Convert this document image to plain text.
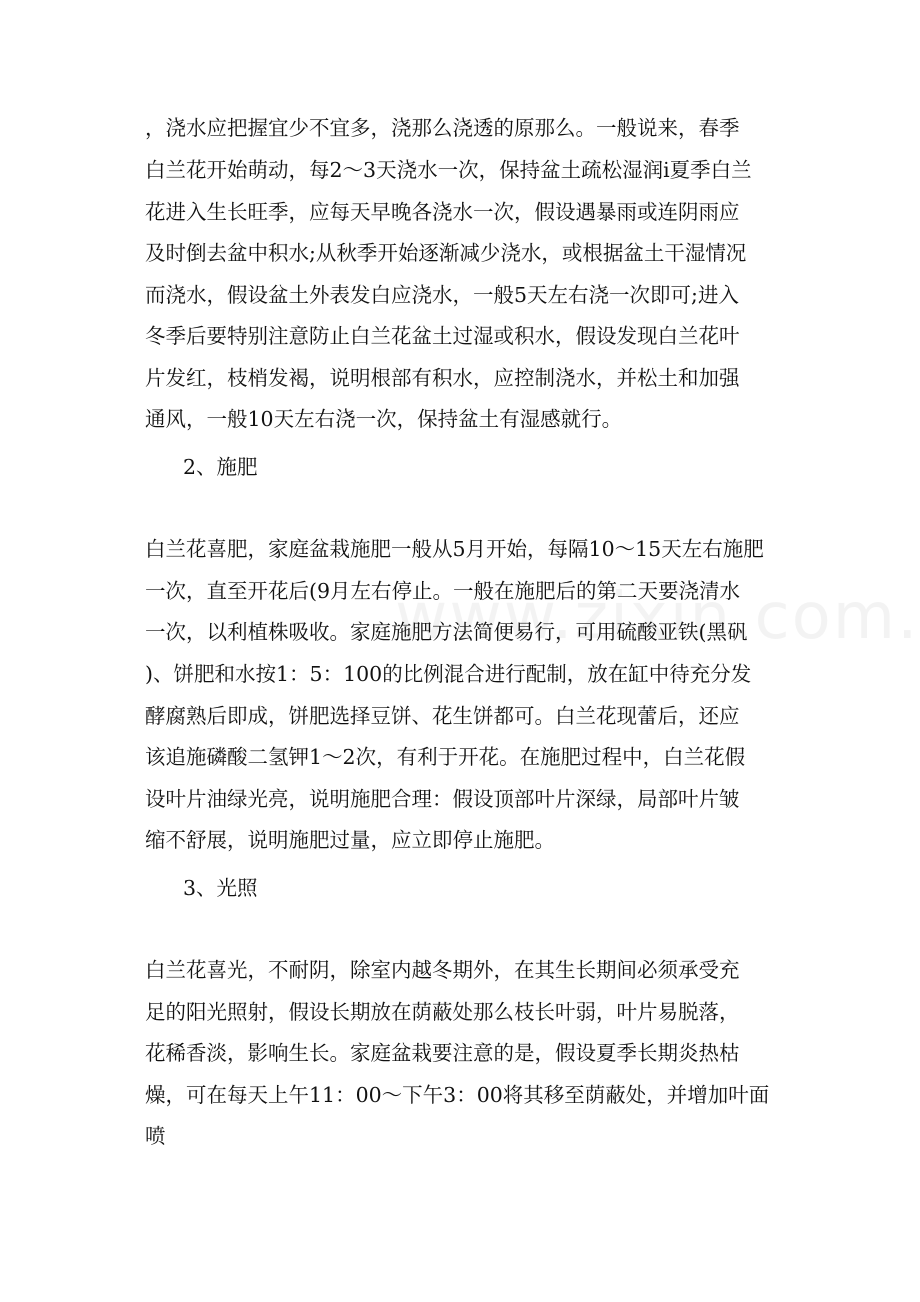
，浇水应把握宜少不宜多，浇那么浇透的原那么。一般说来，春季
白兰花开始萌动，每2～3天浇水一次，保持盆土疏松湿润i夏季白兰
花进入生长旺季，应每天早晚各浇水一次，假设遇暴雨或连阴雨应
及时倒去盆中积水;从秋季开始逐渐减少浇水，或根据盆土干湿情况
而浇水，假设盆土外表发白应浇水，一般5天左右浇一次即可;进入
冬季后要特别注意防止白兰花盆土过湿或积水，假设发现白兰花叶
片发红，枝梢发褐，说明根部有积水，应控制浇水，并松土和加强
通风，一般10天左右浇一次，保持盆土有湿感就行。
2、施肥
白兰花喜肥，家庭盆栽施肥一般从5月开始，每隔10～15天左右施肥
一次，直至开花后(9月左右停止。一般在施肥后的第二天要浇清水
一次，以利植株吸收。家庭施肥方法简便易行，可用硫酸亚铁(黑矾
)、饼肥和水按1：5：100的比例混合进行配制，放在缸中待充分发
酵腐熟后即成，饼肥选择豆饼、花生饼都可。白兰花现蕾后，还应
该追施磷酸二氢钾1～2次，有利于开花。在施肥过程中，白兰花假
设叶片油绿光亮，说明施肥合理：假设顶部叶片深绿，局部叶片皱
缩不舒展，说明施肥过量，应立即停止施肥。
3、光照
白兰花喜光，不耐阴，除室内越冬期外，在其生长期间必须承受充
足的阳光照射，假设长期放在荫蔽处那么枝长叶弱，叶片易脱落，
花稀香淡，影响生长。家庭盆栽要注意的是，假设夏季长期炎热枯
燥，可在每天上午11：00～下午3：00将其移至荫蔽处，并增加叶面
喷
